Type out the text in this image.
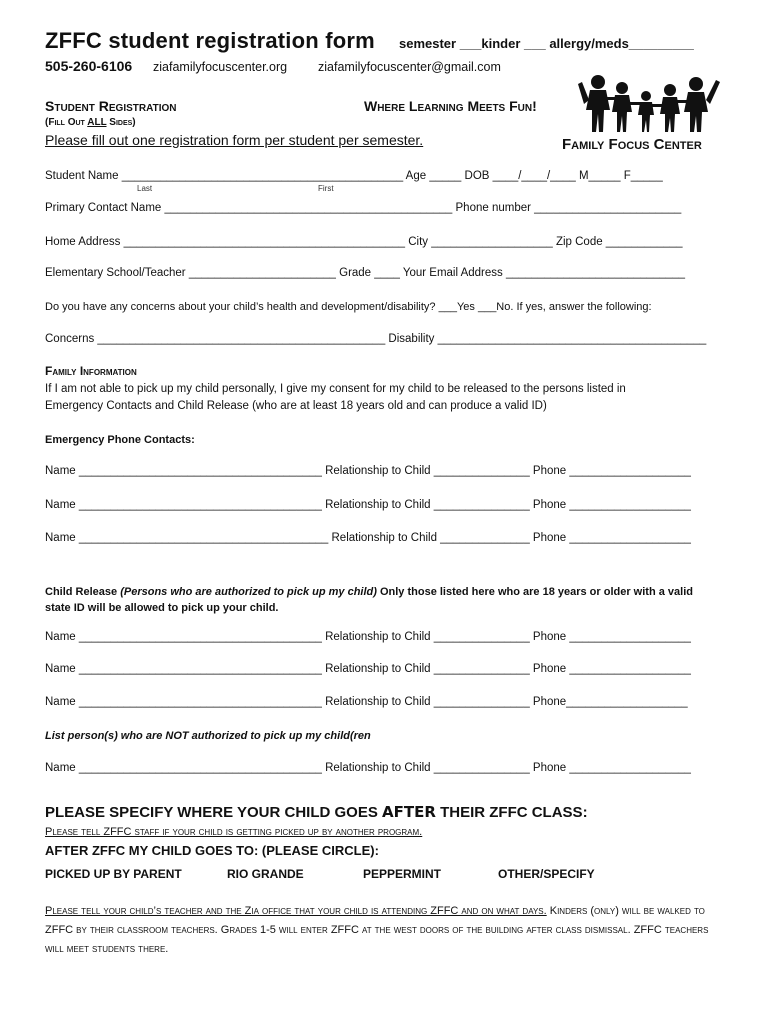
ZFFC student registration form semester ___kinder ___ allergy/meds_________
505-260-6106 ziafamilyfocuscenter.org ziafamilyfocuscenter@gmail.com
Family Focus Center
Student Registration	Where Learning Meets Fun!
(Fill Out ALL Sides)
Please fill out one registration form per student per semester.
Student Name ____________________________________________ Age _____ DOB ____/____/____ M_____ F_____
Last	First
Primary Contact Name _____________________________________________ Phone number _______________________
Home Address ____________________________________________ City ___________________ Zip Code ____________
Elementary School/Teacher _______________________ Grade ____ Your Email Address ____________________________
Do you have any concerns about your child’s health and development/disability? ___Yes ___No. If yes, answer the following:
Concerns _____________________________________________ Disability __________________________________________
Family Information
If I am not able to pick up my child personally, I give my consent for my child to be released to the persons listed in Emergency Contacts and Child Release (who are at least 18 years old and can produce a valid ID)
Emergency Phone Contacts:
Name ______________________________________ Relationship to Child _______________ Phone ___________________
Name ______________________________________ Relationship to Child _______________ Phone ___________________
Name _______________________________________ Relationship to Child ______________ Phone ___________________
Child Release (Persons who are authorized to pick up my child) Only those listed here who are 18 years or older with a valid state ID will be allowed to pick up your child.
Name ______________________________________ Relationship to Child _______________ Phone ___________________
Name ______________________________________ Relationship to Child _______________ Phone ___________________
Name ______________________________________ Relationship to Child _______________ Phone___________________
List person(s) who are NOT authorized to pick up my child(ren
Name ______________________________________ Relationship to Child _______________ Phone ___________________
PLEASE SPECIFY WHERE YOUR CHILD GOES AFTER THEIR ZFFC CLASS:
Please tell ZFFC staff if your child is getting picked up by another program.
AFTER ZFFC MY CHILD GOES TO: (PLEASE CIRCLE):
PICKED UP BY PARENT	RIO GRANDE	PEPPERMINT	OTHER/SPECIFY
Please tell your child’s teacher and the Zia office that your child is attending ZFFC and on what days. Kinders (only) will be walked to ZFFC by their classroom teachers. Grades 1-5 will enter ZFFC at the west doors of the building after class dismissal. ZFFC teachers will meet students there.
